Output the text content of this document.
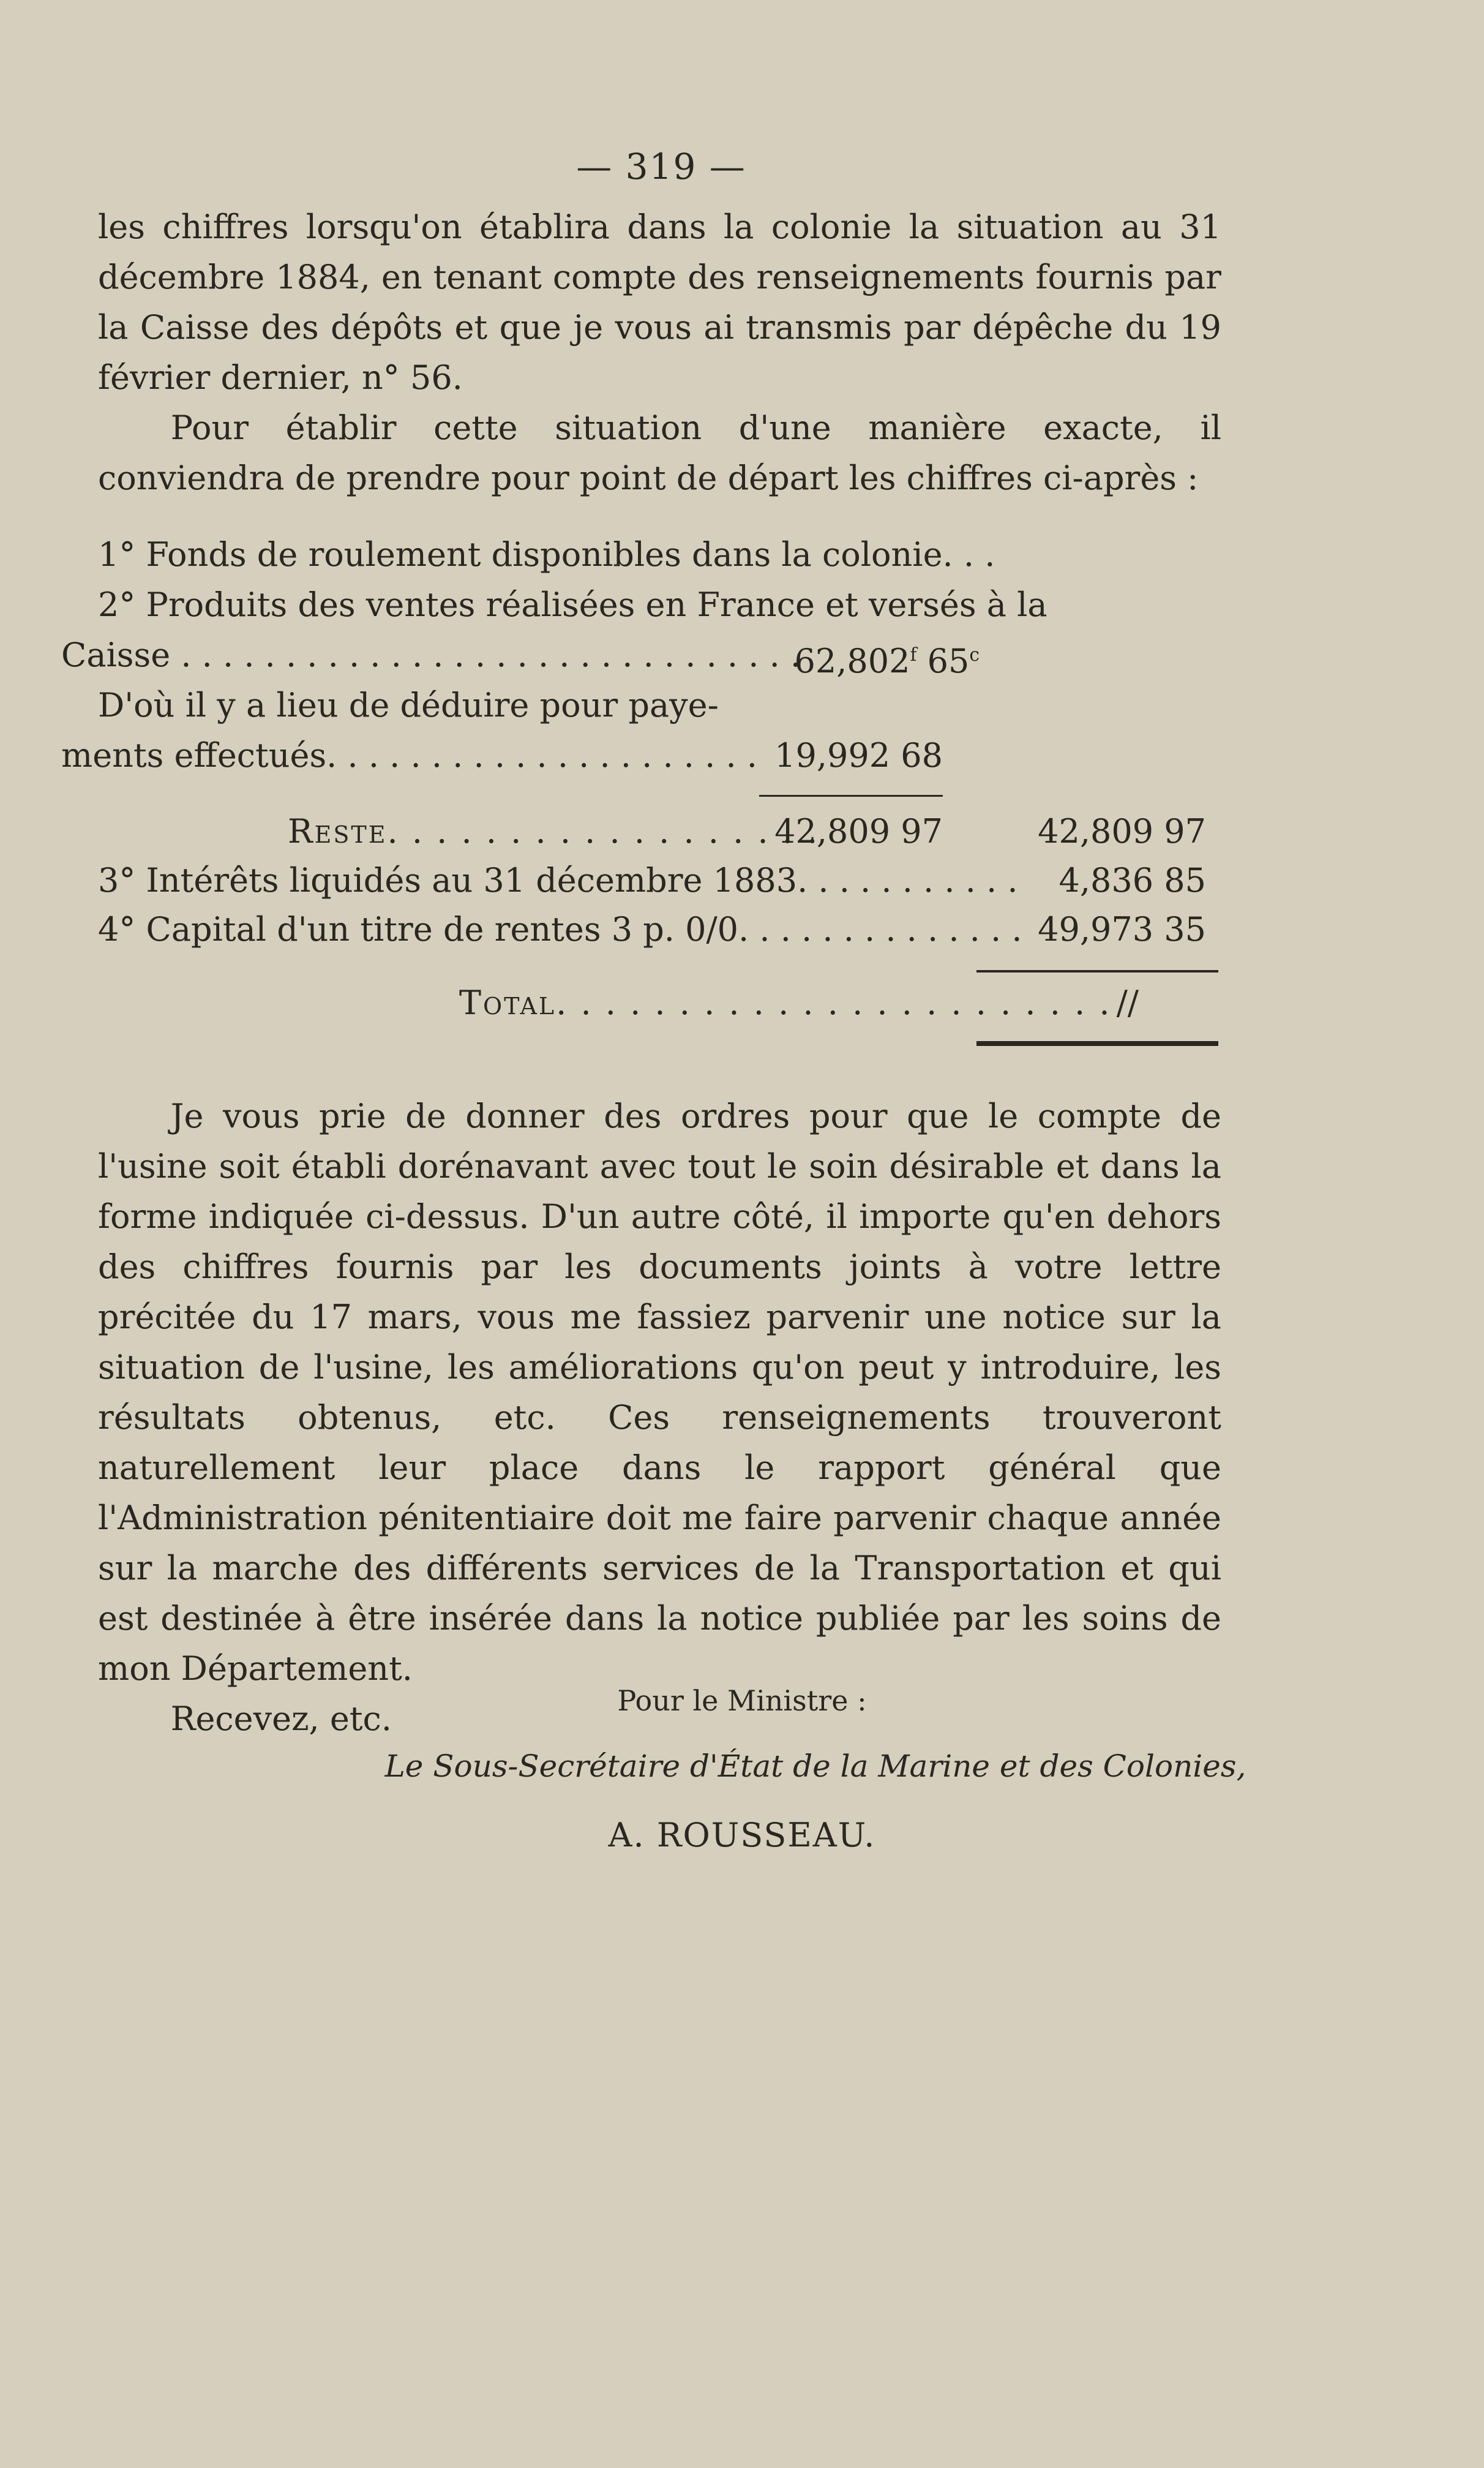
— 319 —

les chiffres lorsqu'on établira dans la colonie la situation au 31 décembre 1884, en tenant compte des renseignements fournis par la Caisse des dépôts et que je vous ai transmis par dépêche du 19 février dernier, n° 56.

Pour établir cette situation d'une manière exacte, il conviendra de prendre pour point de départ les chiffres ci-après :

1° Fonds de roulement disponibles dans la colonie. . .
2° Produits des ventes réalisées en France et versés à la
Caisse . . . . . . . . . . . . . . . . . . . . . . . . . . . . . .
62,802$^f$ 65$^c$
D'où il y a lieu de déduire pour paye-
ments effectués. . . . . . . . . . . . . . . . . . . . . 19,992 68
Reste. . . . . . . . . . . . . . . . . .
42,809 97	42,809 97
3° Intérêts liquidés au 31 décembre 1883. . . . . . . . . . . 4,836 85
4° Capital d'un titre de rentes 3 p. 0/0. . . . . . . . . . . . . . 49,973 35
Total. . . . . . . . . . . . . . . . . . . . . . . //

Je vous prie de donner des ordres pour que le compte de l'usine soit établi dorénavant avec tout le soin désirable et dans la forme indiquée ci-dessus. D'un autre côté, il importe qu'en dehors des chiffres fournis par les documents joints à votre lettre précitée du 17 mars, vous me fassiez parvenir une notice sur la situation de l'usine, les améliorations qu'on peut y introduire, les résultats obtenus, etc. Ces renseignements trouveront naturellement leur place dans le rapport général que l'Administration pénitentiaire doit me faire parvenir chaque année sur la marche des différents services de la Transportation et qui est destinée à être insérée dans la notice publiée par les soins de mon Département.

Recevez, etc.	Pour le Ministre :
Le Sous-Secrétaire d'État de la Marine et des Colonies,
A. ROUSSEAU.
